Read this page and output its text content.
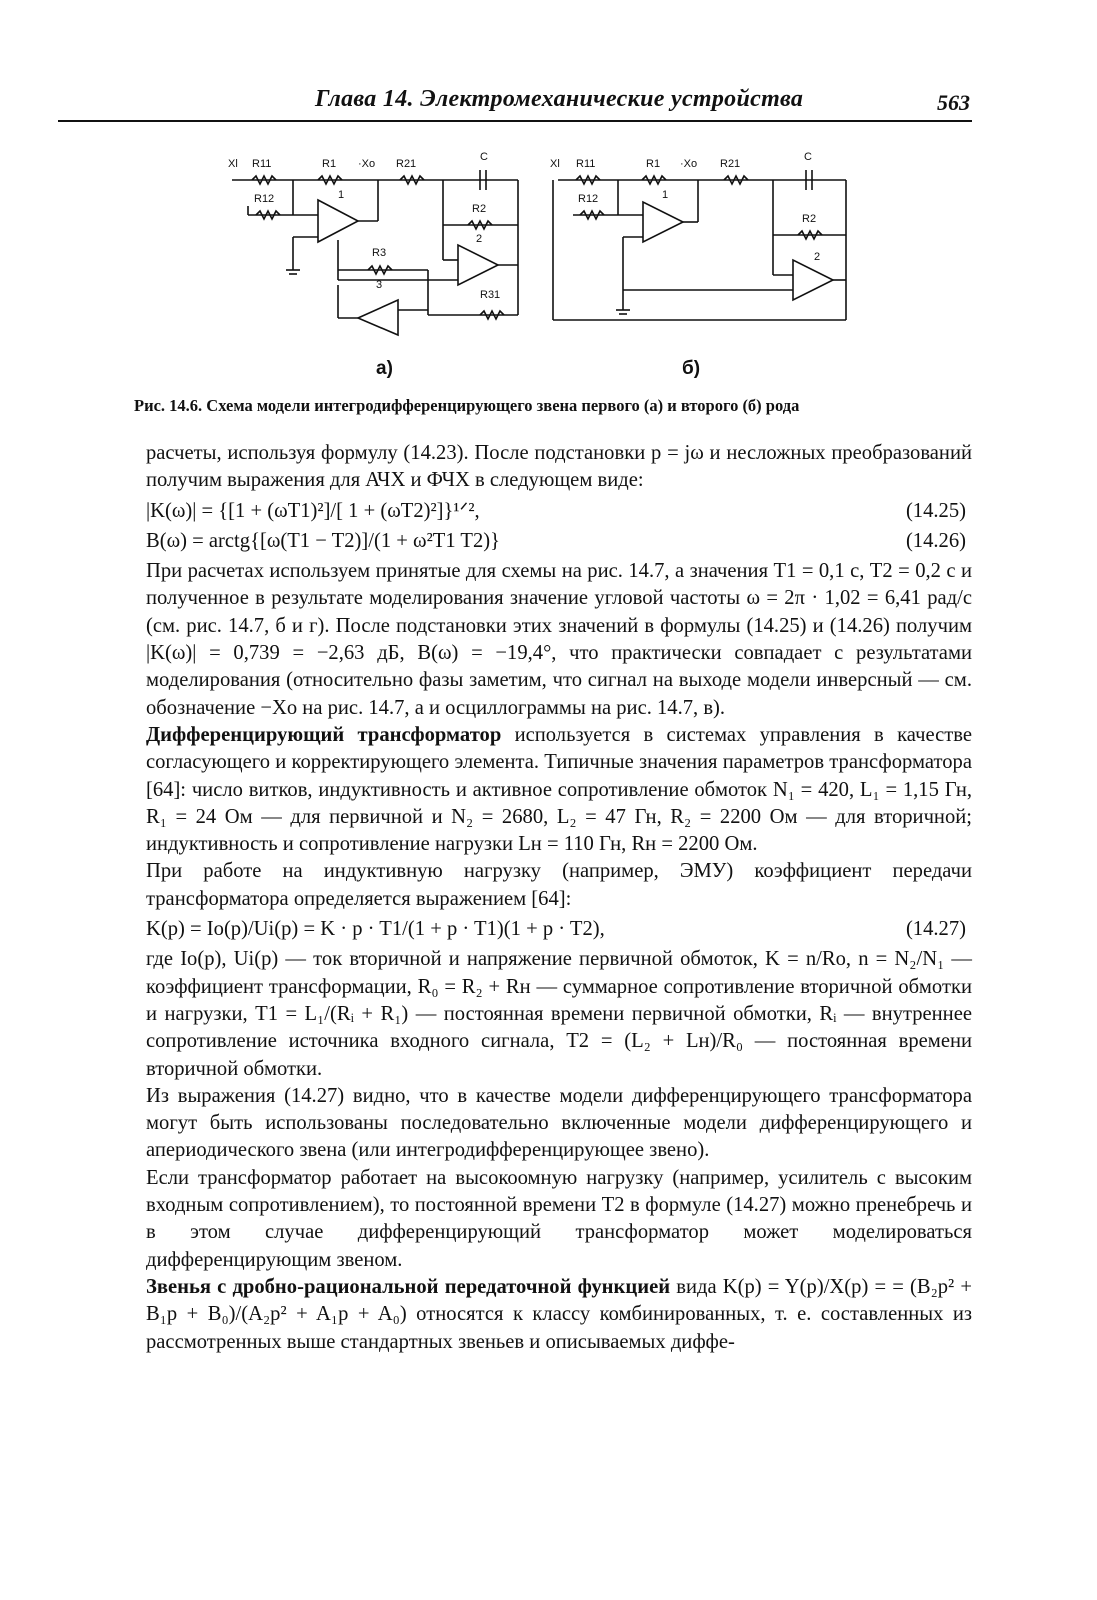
Глава 14. Электромеханические устройства	563
Xl R11	R1 ·Xo R21
C
R12	1
R2
2
R3
3
R31
Xl R11	R1 ·Xo R21
C
R12	1
R2
2
а)	б)
Рис. 14.6. Схема модели интегродифференцирующего звена первого (а) и второго (б) рода

расчеты, используя формулу (14.23). После подстановки p = jω и несложных преобразований получим выражения для АЧХ и ФЧХ в следующем виде:

|K(ω)| = {[1 + (ωT1)²]/[ 1 + (ωT2)²]}¹ᐟ²,	(14.25)
B(ω) = arctg{[ω(T1 − T2)]/(1 + ω²T1 T2)}	(14.26)

При расчетах используем принятые для схемы на рис. 14.7, а значения T1 = 0,1 с, T2 = 0,2 с и полученное в результате моделирования значение угловой частоты ω = 2π · 1,02 = 6,41 рад/с (см. рис. 14.7, б и г). После подстановки этих значений в формулы (14.25) и (14.26) получим |K(ω)| = 0,739 = −2,63 дБ, B(ω) = −19,4°, что практически совпадает с результатами моделирования (относительно фазы заметим, что сигнал на выходе модели инверсный — см. обозначение −Xo на рис. 14.7, а и осциллограммы на рис. 14.7, в).

Дифференцирующий трансформатор используется в системах управления в качестве согласующего и корректирующего элемента. Типичные значения параметров трансформатора [64]: число витков, индуктивность и активное сопротивление обмоток N₁ = 420, L₁ = 1,15 Гн, R₁ = 24 Ом — для первичной и N₂ = 2680, L₂ = 47 Гн, R₂ = 2200 Ом — для вторичной; индуктивность и сопротивление нагрузки Lн = 110 Гн, Rн = 2200 Ом.

При работе на индуктивную нагрузку (например, ЭМУ) коэффициент передачи трансформатора определяется выражением [64]:

K(p) = Io(p)/Ui(p) = K · p · T1/(1 + p · T1)(1 + p · T2),	(14.27)

где Io(p), Ui(p) — ток вторичной и напряжение первичной обмоток, K = n/Ro, n = N₂/N₁ — коэффициент трансформации, R₀ = R₂ + Rн — суммарное сопротивление вторичной обмотки и нагрузки, T1 = L₁/(Rᵢ + R₁) — постоянная времени первичной обмотки, Rᵢ — внутреннее сопротивление источника входного сигнала, T2 = (L₂ + Lн)/R₀ — постоянная времени вторичной обмотки.

Из выражения (14.27) видно, что в качестве модели дифференцирующего трансформатора могут быть использованы последовательно включенные модели дифференцирующего и апериодического звена (или интегродифференцирующее звено).

Если трансформатор работает на высокоомную нагрузку (например, усилитель с высоким входным сопротивлением), то постоянной времени T2 в формуле (14.27) можно пренебречь и в этом случае дифференцирующий трансформатор может моделироваться дифференцирующим звеном.

Звенья с дробно-рациональной передаточной функцией вида K(p) = Y(p)/X(p) = = (B₂p² + B₁p + B₀)/(A₂p² + A₁p + A₀) относятся к классу комбинированных, т. е. составленных из рассмотренных выше стандартных звеньев и описываемых диффе-
